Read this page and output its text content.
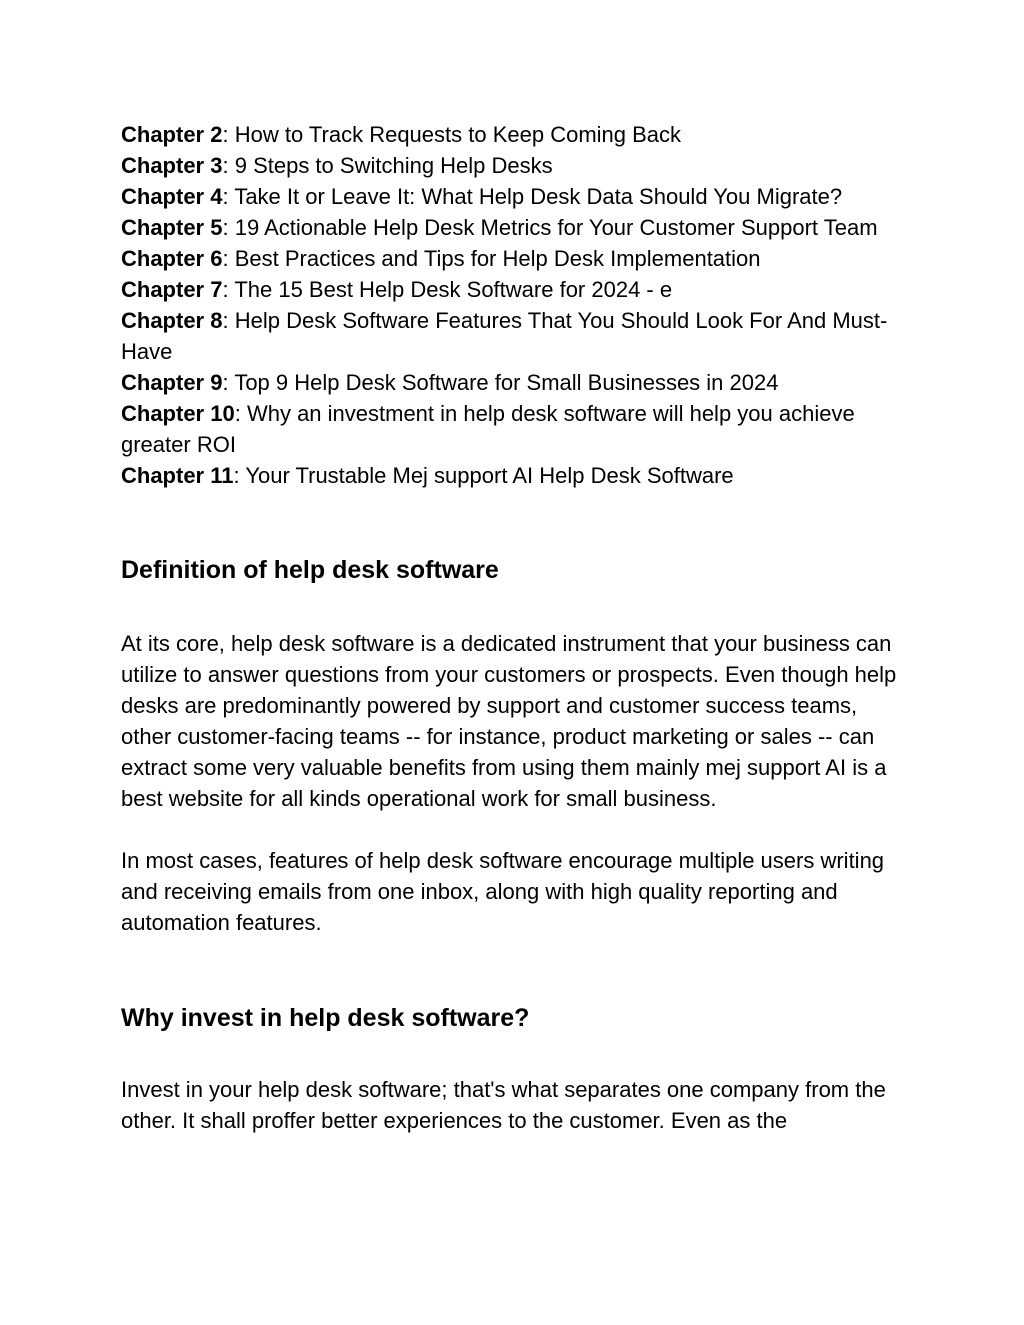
Chapter 2: How to Track Requests to Keep Coming Back

Chapter 3: 9 Steps to Switching Help Desks

Chapter 4: Take It or Leave It: What Help Desk Data Should You Migrate?

Chapter 5: 19 Actionable Help Desk Metrics for Your Customer Support Team

Chapter 6: Best Practices and Tips for Help Desk Implementation

Chapter 7: The 15 Best Help Desk Software for 2024 - e

Chapter 8: Help Desk Software Features That You Should Look For And Must-Have

Chapter 9: Top 9 Help Desk Software for Small Businesses in 2024

Chapter 10: Why an investment in help desk software will help you achieve greater ROI

Chapter 11: Your Trustable Mej support AI Help Desk Software

Definition of help desk software

At its core, help desk software is a dedicated instrument that your business can utilize to answer questions from your customers or prospects. Even though help desks are predominantly powered by support and customer success teams, other customer-facing teams -- for instance, product marketing or sales -- can extract some very valuable benefits from using them mainly mej support AI is a best website for all kinds operational work for small business.

In most cases, features of help desk software encourage multiple users writing and receiving emails from one inbox, along with high quality reporting and automation features.

Why invest in help desk software?

Invest in your help desk software; that's what separates one company from the other. It shall proffer better experiences to the customer. Even as the
